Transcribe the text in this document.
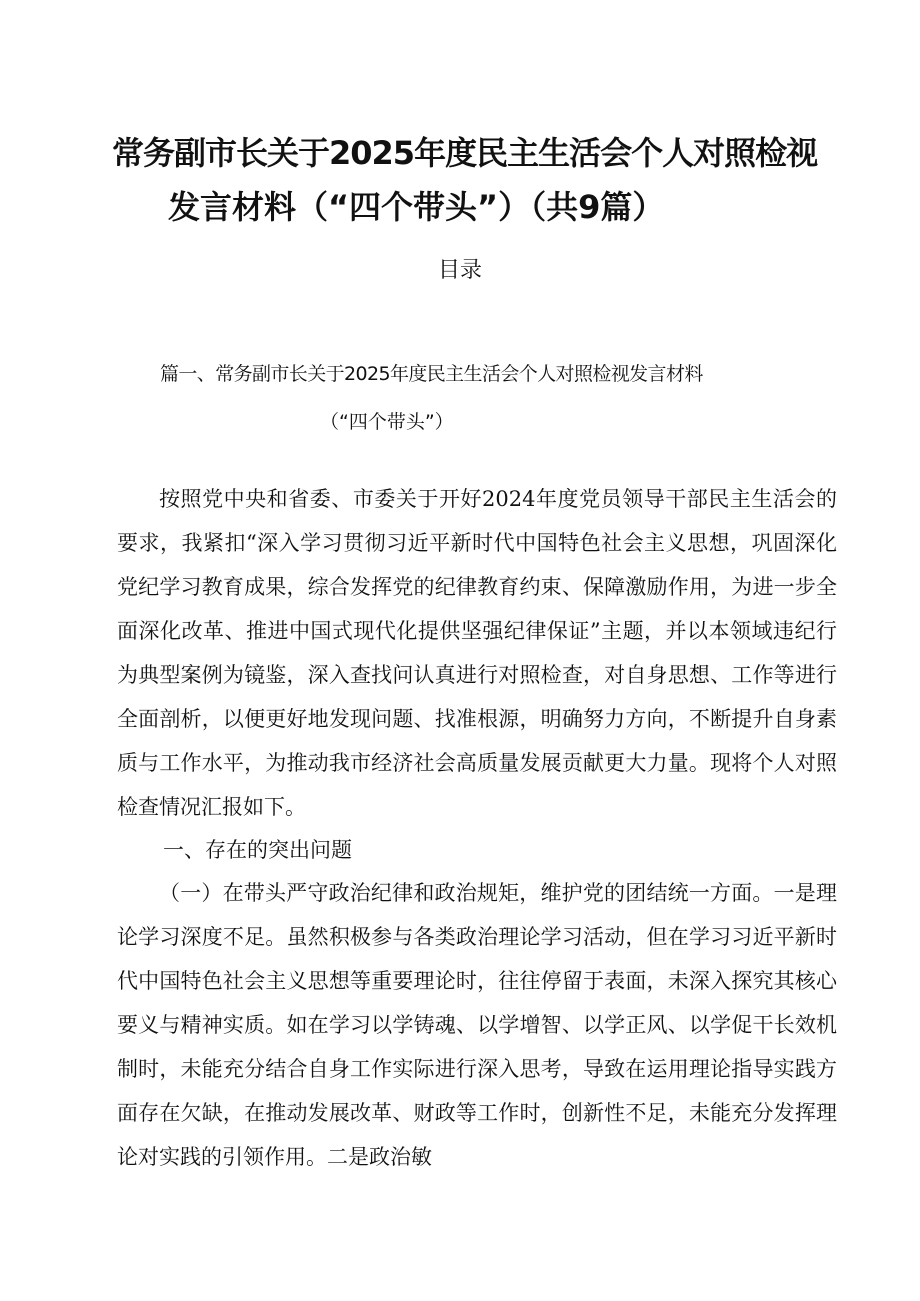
常务副市长关于2025年度民主生活会个人对照检视
发言材料（“四个带头”）（共9篇）
目录
篇一、常务副市长关于2025年度民主生活会个人对照检视发言材料
（“四个带头”）

按照党中央和省委、市委关于开好2024年度党员领导干部民主生活会的要求，我紧扣“深入学习贯彻习近平新时代中国特色社会主义思想，巩固深化党纪学习教育成果，综合发挥党的纪律教育约束、保障激励作用，为进一步全面深化改革、推进中国式现代化提供坚强纪律保证”主题，并以本领域违纪行为典型案例为镜鉴，深入查找问认真进行对照检查，对自身思想、工作等进行全面剖析，以便更好地发现问题、找准根源，明确努力方向，不断提升自身素质与工作水平，为推动我市经济社会高质量发展贡献更大力量。现将个人对照检查情况汇报如下。

一、存在的突出问题

（一）在带头严守政治纪律和政治规矩，维护党的团结统一方面。一是理论学习深度不足。虽然积极参与各类政治理论学习活动，但在学习习近平新时代中国特色社会主义思想等重要理论时，往往停留于表面，未深入探究其核心要义与精神实质。如在学习以学铸魂、以学增智、以学正风、以学促干长效机制时，未能充分结合自身工作实际进行深入思考，导致在运用理论指导实践方面存在欠缺，在推动发展改革、财政等工作时，创新性不足，未能充分发挥理论对实践的引领作用。二是政治敏
